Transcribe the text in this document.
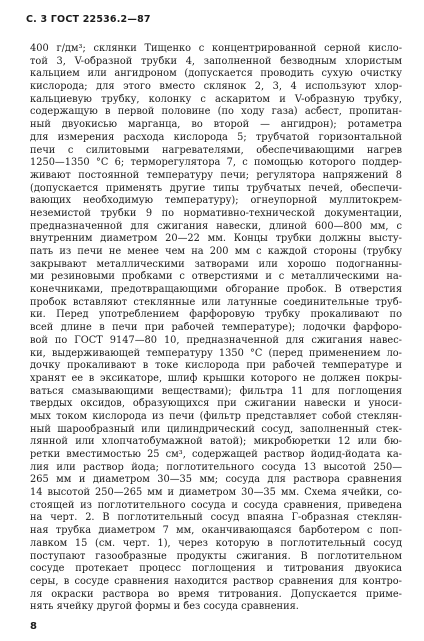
С. 3 ГОСТ 22536.2—87
400 г/дм³; склянки Тищенко с концентрированной серной кисло-
той 3, V-образной трубки 4, заполненной безводным хлористым
кальцием или ангидроном (допускается проводить сухую очистку
кислорода; для этого вместо склянок 2, 3, 4 используют хлор-
кальциевую трубку, колонку с аскаритом и V-образную трубку,
содержащую в первой половине (по ходу газа) асбест, пропитан-
ный двуокисью марганца, во второй — ангидрон); ротаметра
для измерения расхода кислорода 5; трубчатой горизонтальной
печи с силитовыми нагревателями, обеспечивающими нагрев
1250—1350 °C 6; терморегулятора 7, с помощью которого поддер-
живают постоянной температуру печи; регулятора напряжений 8
(допускается применять другие типы трубчатых печей, обеспечи-
вающих необходимую температуру); огнеупорной муллитокрем-
неземистой трубки 9 по нормативно-технической документации,
предназначенной для сжигания навески, длиной 600—800 мм, с
внутренним диаметром 20—22 мм. Концы трубки должны высту-
пать из печи не менее чем на 200 мм с каждой стороны (трубку
закрывают металлическими затворами или хорошо подогнанны-
ми резиновыми пробками с отверстиями и с металлическими на-
конечниками, предотвращающими обгорание пробок. В отверстия
пробок вставляют стеклянные или латунные соединительные труб-
ки. Перед употреблением фарфоровую трубку прокаливают по
всей длине в печи при рабочей температуре); лодочки фарфоро-
вой по ГОСТ 9147—80 10, предназначенной для сжигания навес-
ки, выдерживающей температуру 1350 °C (перед применением ло-
дочку прокаливают в токе кислорода при рабочей температуре и
хранят ее в эксикаторе, шлиф крышки которого не должен покры-
ваться смазывающими веществами); фильтра 11 для поглощения
твердых оксидов, образующихся при сжигании навески и уноси-
мых током кислорода из печи (фильтр представляет собой стеклян-
ный шарообразный или цилиндрический сосуд, заполненный стек-
лянной или хлопчатобумажной ватой); микробюретки 12 или бю-
ретки вместимостью 25 см³, содержащей раствор йодид-йодата ка-
лия или раствор йода; поглотительного сосуда 13 высотой 250—
265 мм и диаметром 30—35 мм; сосуда для раствора сравнения
14 высотой 250—265 мм и диаметром 30—35 мм. Схема ячейки, со-
стоящей из поглотительного сосуда и сосуда сравнения, приведена
на черт. 2. В поглотительный сосуд впаяна Г-образная стеклян-
ная трубка диаметром 7 мм, оканчивающаяся барботером с поп-
лавком 15 (см. черт. 1), через которую в поглотительный сосуд
поступают газообразные продукты сжигания. В поглотительном
сосуде протекает процесс поглощения и титрования двуокиса
серы, в сосуде сравнения находится раствор сравнения для контро-
ля окраски раствора во время титрования. Допускается приме-
нять ячейку другой формы и без сосуда сравнения.
8
